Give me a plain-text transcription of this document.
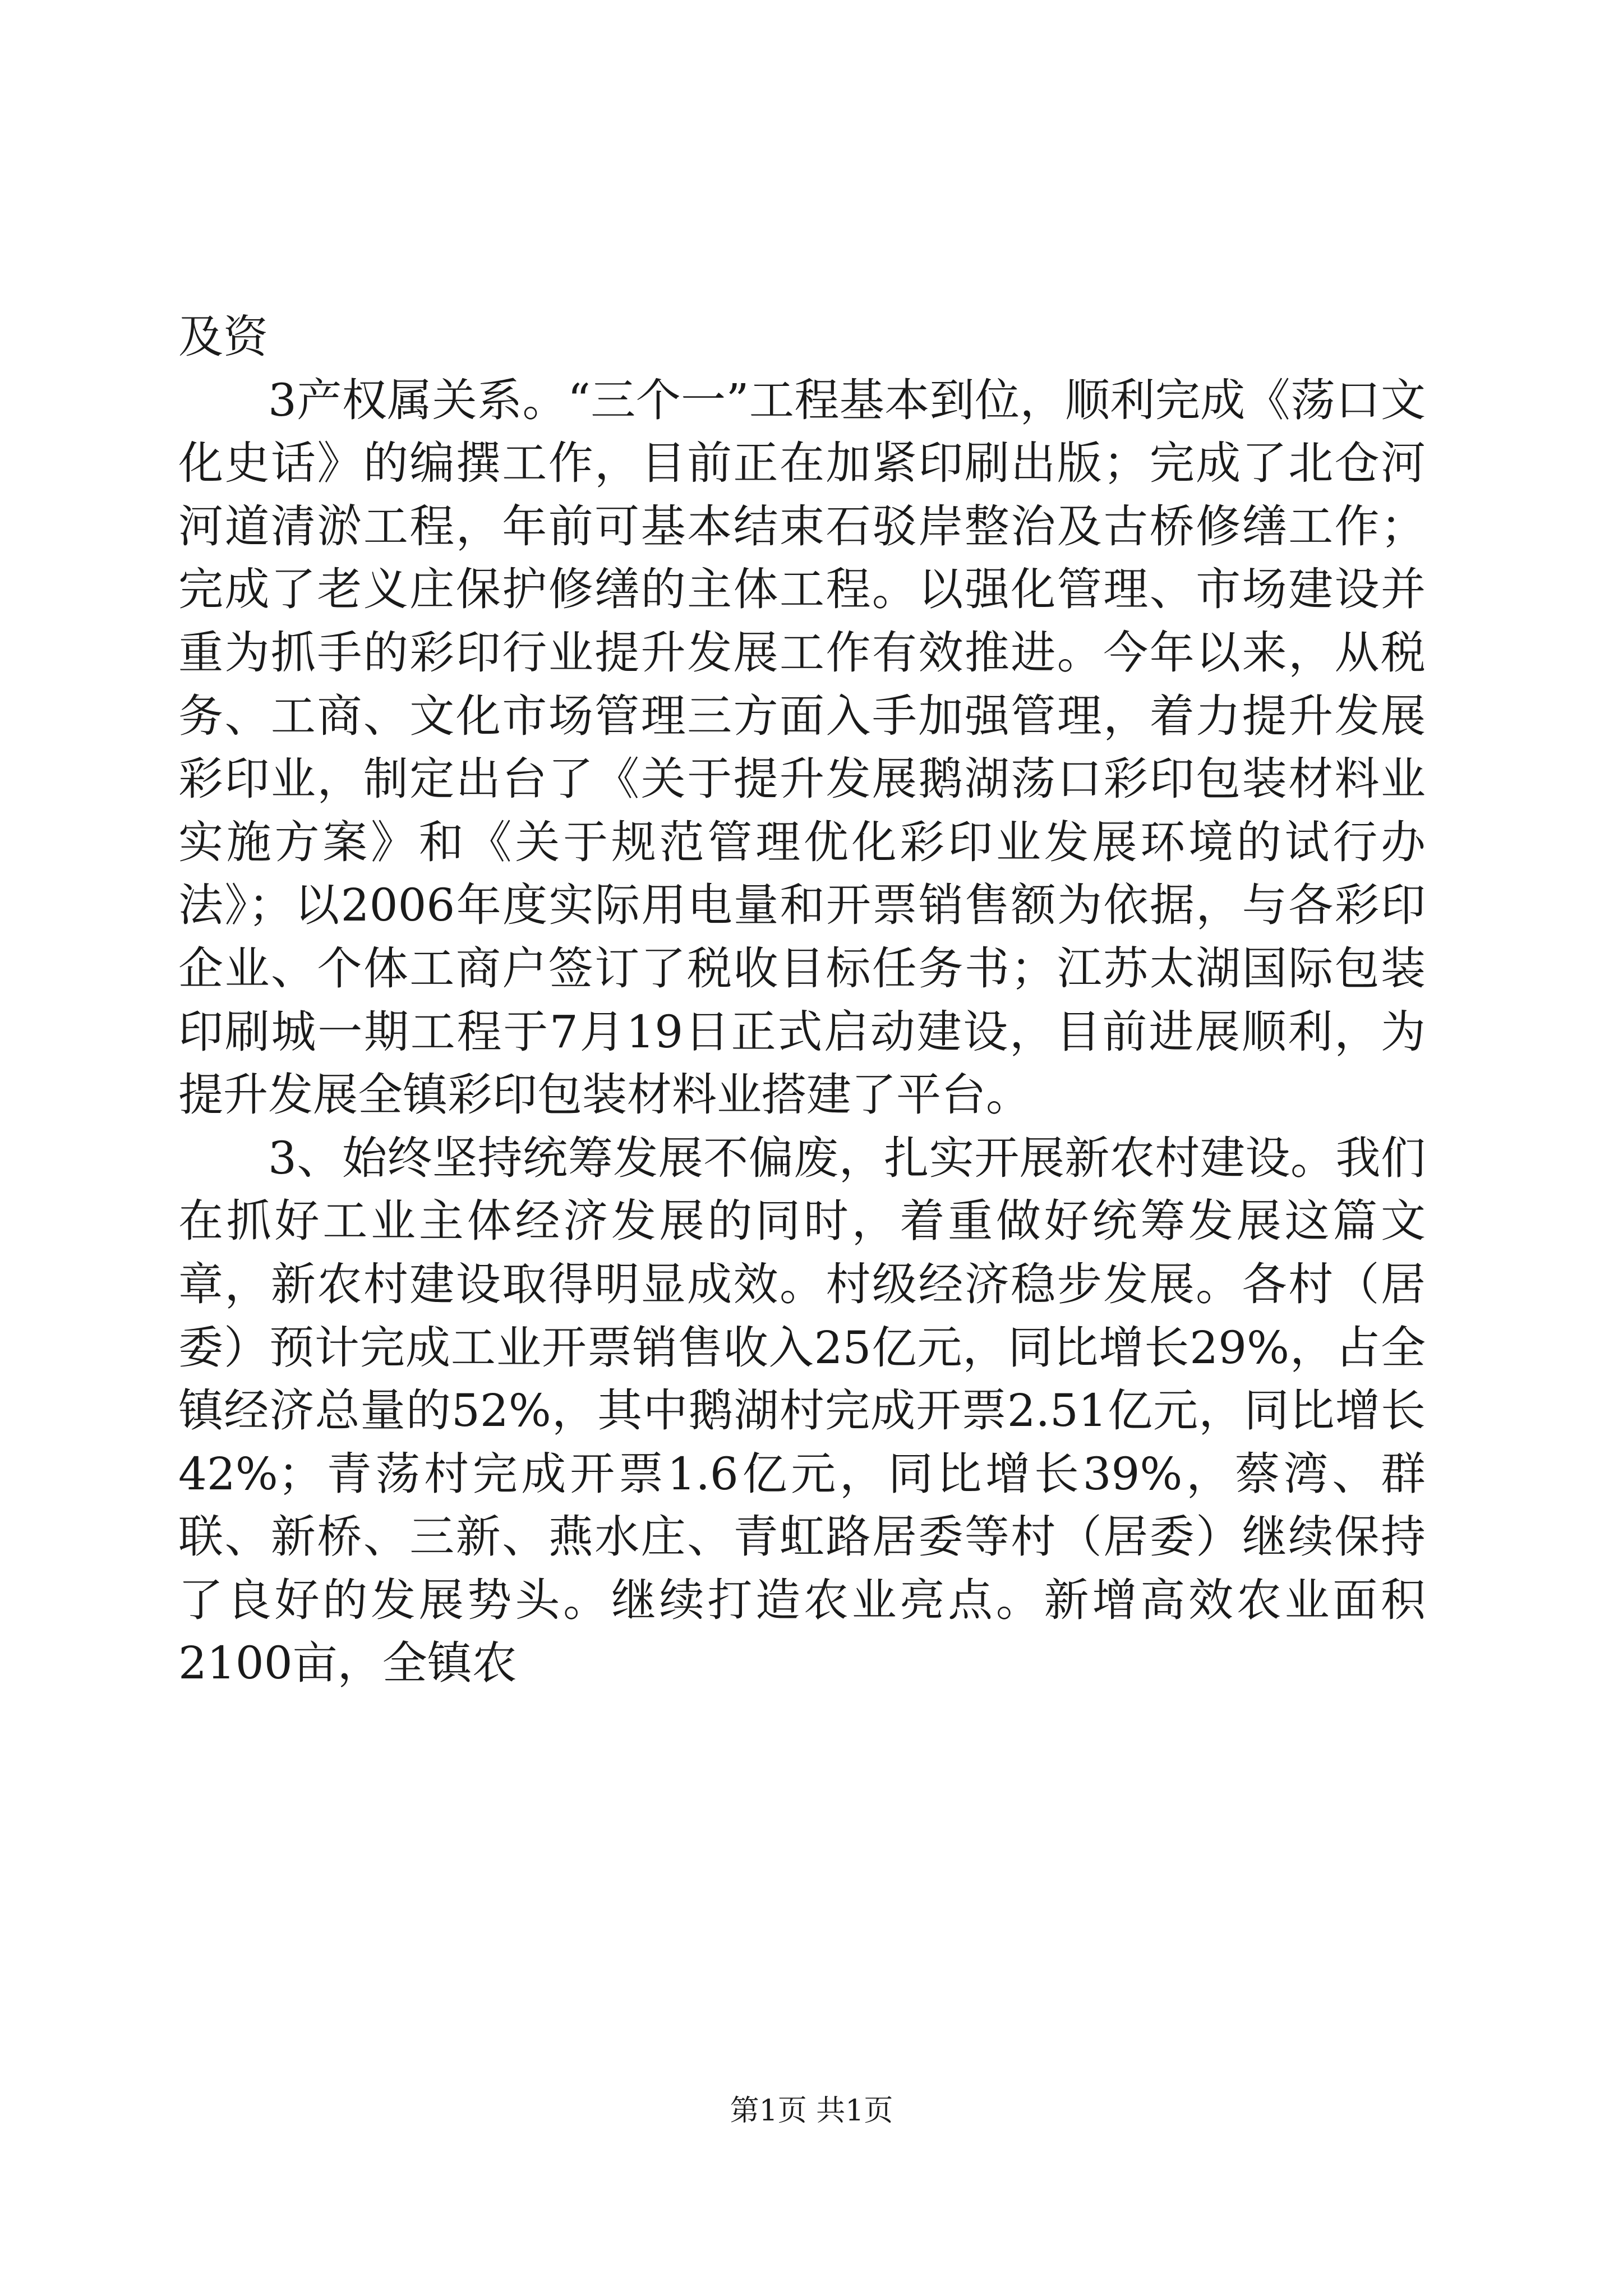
及资

3产权属关系。“三个一”工程基本到位，顺利完成《荡口文化史话》的编撰工作，目前正在加紧印刷出版；完成了北仓河河道清淤工程，年前可基本结束石驳岸整治及古桥修缮工作；完成了老义庄保护修缮的主体工程。以强化管理、市场建设并重为抓手的彩印行业提升发展工作有效推进。今年以来，从税务、工商、文化市场管理三方面入手加强管理，着力提升发展彩印业，制定出台了《关于提升发展鹅湖荡口彩印包装材料业实施方案》和《关于规范管理优化彩印业发展环境的试行办法》；以2006年度实际用电量和开票销售额为依据，与各彩印企业、个体工商户签订了税收目标任务书；江苏太湖国际包装印刷城一期工程于7月19日正式启动建设，目前进展顺利，为提升发展全镇彩印包装材料业搭建了平台。

3、始终坚持统筹发展不偏废，扎实开展新农村建设。我们在抓好工业主体经济发展的同时，着重做好统筹发展这篇文章，新农村建设取得明显成效。村级经济稳步发展。各村（居委）预计完成工业开票销售收入25亿元，同比增长29%，占全镇经济总量的52%，其中鹅湖村完成开票2.51亿元，同比增长42%；青荡村完成开票1.6亿元，同比增长39%，蔡湾、群联、新桥、三新、燕水庄、青虹路居委等村（居委）继续保持了良好的发展势头。继续打造农业亮点。新增高效农业面积2100亩，全镇农

第1页 共1页
